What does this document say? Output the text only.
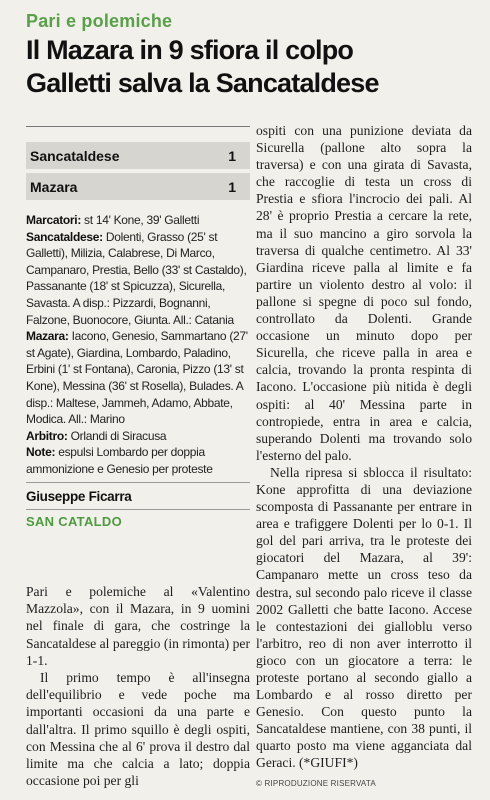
Pari e polemiche
Il Mazara in 9 sfiora il colpo
Galletti salva la Sancataldese
Sancataldese	1
Mazara	1

Marcatori: st 14' Kone, 39' Galletti

Sancataldese: Dolenti, Grasso (25' st Galletti), Milizia, Calabrese, Di Marco, Campanaro, Prestia, Bello (33' st Castaldo), Passanante (18' st Spicuzza), Sicurella, Savasta. A disp.: Pizzardi, Bognanni, Falzone, Buonocore, Giunta. All.: Catania

Mazara: Iacono, Genesio, Sammartano (27' st Agate), Giardina, Lombardo, Paladino, Erbini (1' st Fontana), Caronia, Pizzo (13' st Kone), Messina (36' st Rosella), Bulades. A disp.: Maltese, Jammeh, Adamo, Abbate, Modica. All.: Marino

Arbitro: Orlandi di Siracusa

Note: espulsi Lombardo per doppia ammonizione e Genesio per proteste

Giuseppe Ficarra
SAN CATALDO

Pari e polemiche al «Valentino Mazzola», con il Mazara, in 9 uomini nel finale di gara, che costringe la Sancataldese al pareggio (in rimonta) per 1-1.

Il primo tempo è all'insegna dell'equilibrio e vede poche ma importanti occasioni da una parte e dall'altra. Il primo squillo è degli ospiti, con Messina che al 6' prova il destro dal limite ma che calcia a lato; doppia occasione poi per gli

ospiti con una punizione deviata da Sicurella (pallone alto sopra la traversa) e con una girata di Savasta, che raccoglie di testa un cross di Prestia e sfiora l'incrocio dei pali. Al 28' è proprio Prestia a cercare la rete, ma il suo mancino a giro sorvola la traversa di qualche centimetro. Al 33' Giardina riceve palla al limite e fa partire un violento destro al volo: il pallone si spegne di poco sul fondo, controllato da Dolenti. Grande occasione un minuto dopo per Sicurella, che riceve palla in area e calcia, trovando la pronta respinta di Iacono. L'occasione più nitida è degli ospiti: al 40' Messina parte in contropiede, entra in area e calcia, superando Dolenti ma trovando solo l'esterno del palo.

Nella ripresa si sblocca il risultato: Kone approfitta di una deviazione scomposta di Passanante per entrare in area e trafiggere Dolenti per lo 0-1. Il gol del pari arriva, tra le proteste dei giocatori del Mazara, al 39': Campanaro mette un cross teso da destra, sul secondo palo riceve il classe 2002 Galletti che batte Iacono. Accese le contestazioni dei gialloblu verso l'arbitro, reo di non aver interrotto il gioco con un giocatore a terra: le proteste portano al secondo giallo a Lombardo e al rosso diretto per Genesio. Con questo punto la Sancataldese mantiene, con 38 punti, il quarto posto ma viene agganciata dal Geraci. (*GIUFI*)

© RIPRODUZIONE RISERVATA
